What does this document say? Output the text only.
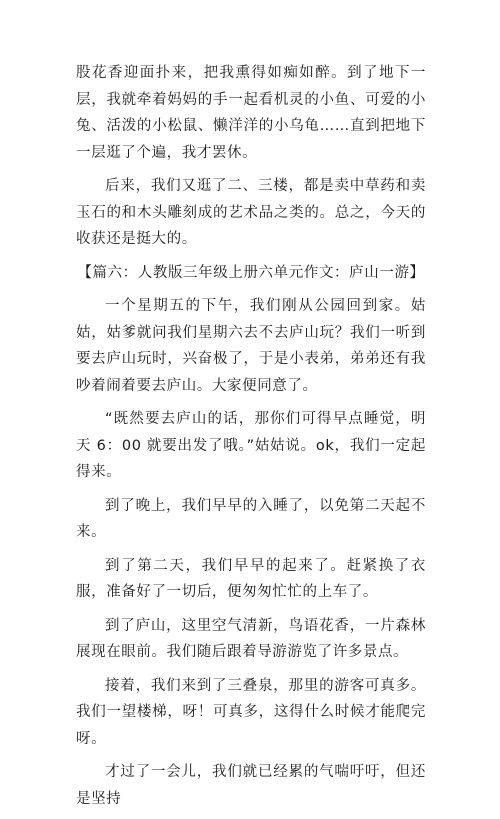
股花香迎面扑来，把我熏得如痴如醉。到了地下一层，我就牵着妈妈的手一起看机灵的小鱼、可爱的小兔、活泼的小松鼠、懒洋洋的小乌龟……直到把地下一层逛了个遍，我才罢休。

后来，我们又逛了二、三楼，都是卖中草药和卖玉石的和木头雕刻成的艺术品之类的。总之，今天的收获还是挺大的。

【篇六：人教版三年级上册六单元作文：庐山一游】

一个星期五的下午，我们刚从公园回到家。姑姑，姑爹就问我们星期六去不去庐山玩？我们一听到要去庐山玩时，兴奋极了，于是小表弟，弟弟还有我吵着闹着要去庐山。大家便同意了。

“既然要去庐山的话，那你们可得早点睡觉，明天 6：00 就要出发了哦。”姑姑说。ok，我们一定起得来。

到了晚上，我们早早的入睡了，以免第二天起不来。

到了第二天，我们早早的起来了。赶紧换了衣服，准备好了一切后，便匆匆忙忙的上车了。

到了庐山，这里空气清新，鸟语花香，一片森林展现在眼前。我们随后跟着导游游览了许多景点。

接着，我们来到了三叠泉，那里的游客可真多。我们一望楼梯，呀！可真多，这得什么时候才能爬完呀。

才过了一会儿，我们就已经累的气喘吁吁，但还是坚持
